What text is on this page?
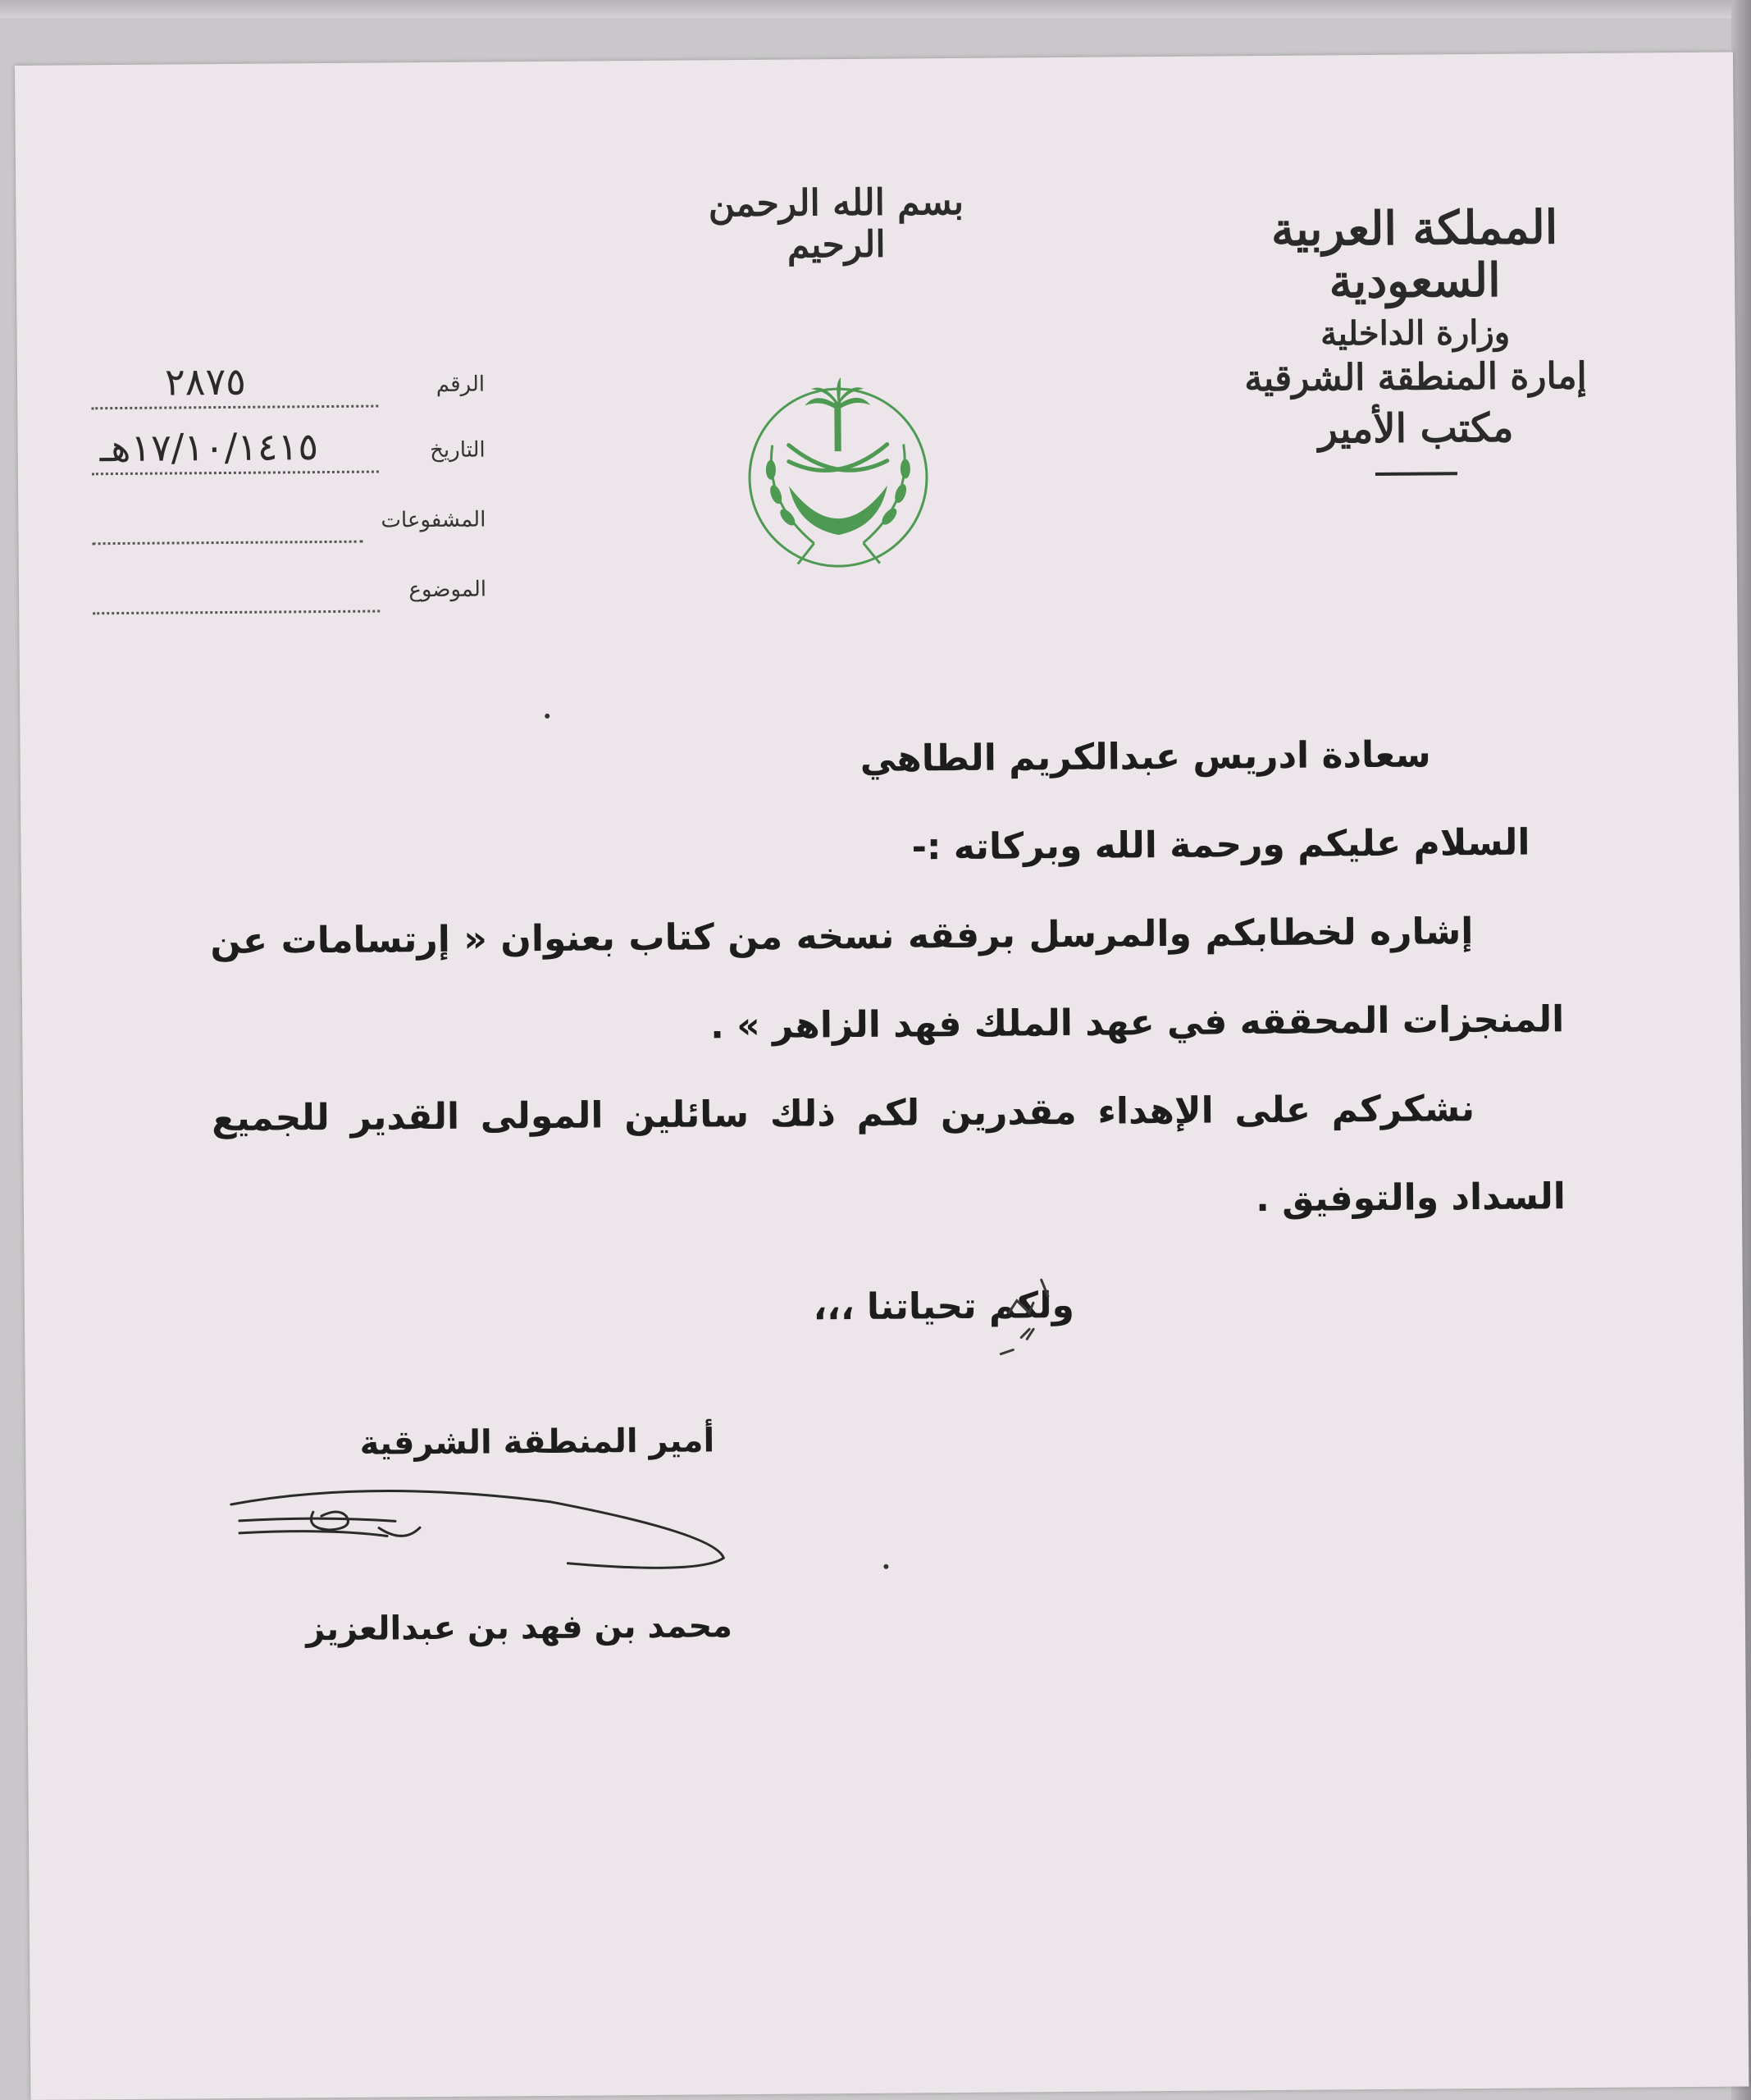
بسم الله الرحمن الرحيم	المملكة العربية السعودية
وزارة الداخلية
إمارة المنطقة الشرقية
مكتب الأمير
الرقم
٢٨٧٥
التاريخ
١٧/١٠/١٤١٥هـ
المشفوعات
الموضوع

سعادة ادريس عبدالكريم الطاهي

السلام عليكم ورحمة الله وبركاته :-

إشاره لخطابكم والمرسل برفقه نسخه من كتاب بعنوان « إرتسامات عن المنجزات المحققه في عهد الملك فهد الزاهر » .

نشكركم على الإهداء مقدرين لكم ذلك سائلين المولى القدير للجميع السداد والتوفيق .

ولكم تحياتنا ،،،

أمير المنطقة الشرقية
محمد بن فهد بن عبدالعزيز
